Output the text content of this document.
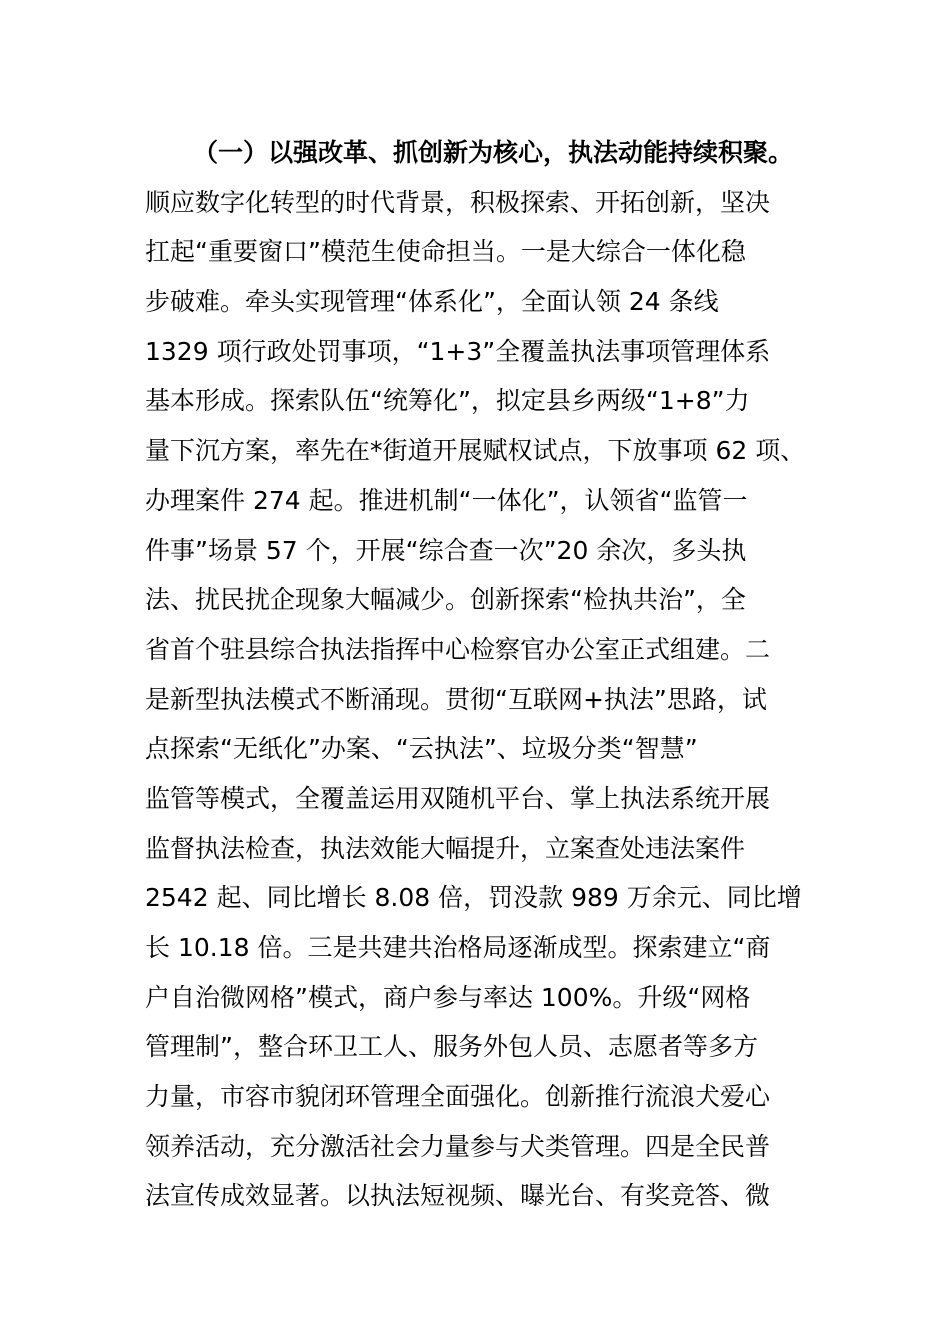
（一）以强改革、抓创新为核心，执法动能持续积聚。
顺应数字化转型的时代背景，积极探索、开拓创新，坚决
扛起“重要窗口”模范生使命担当。一是大综合一体化稳
步破难。牵头实现管理“体系化”，全面认领 24 条线
1329 项行政处罚事项，“1+3”全覆盖执法事项管理体系
基本形成。探索队伍“统筹化”，拟定县乡两级“1+8”力
量下沉方案，率先在*街道开展赋权试点，下放事项 62 项、
办理案件 274 起。推进机制“一体化”，认领省“监管一
件事”场景 57 个，开展“综合查一次”20 余次，多头执
法、扰民扰企现象大幅减少。创新探索“检执共治”，全
省首个驻县综合执法指挥中心检察官办公室正式组建。二
是新型执法模式不断涌现。贯彻“互联网+执法”思路，试
点探索“无纸化”办案、“云执法”、垃圾分类“智慧”
监管等模式，全覆盖运用双随机平台、掌上执法系统开展
监督执法检查，执法效能大幅提升，立案查处违法案件
2542 起、同比增长 8.08 倍，罚没款 989 万余元、同比增
长 10.18 倍。三是共建共治格局逐渐成型。探索建立“商
户自治微网格”模式，商户参与率达 100%。升级“网格
管理制”，整合环卫工人、服务外包人员、志愿者等多方
力量，市容市貌闭环管理全面强化。创新推行流浪犬爱心
领养活动，充分激活社会力量参与犬类管理。四是全民普
法宣传成效显著。以执法短视频、曝光台、有奖竞答、微
